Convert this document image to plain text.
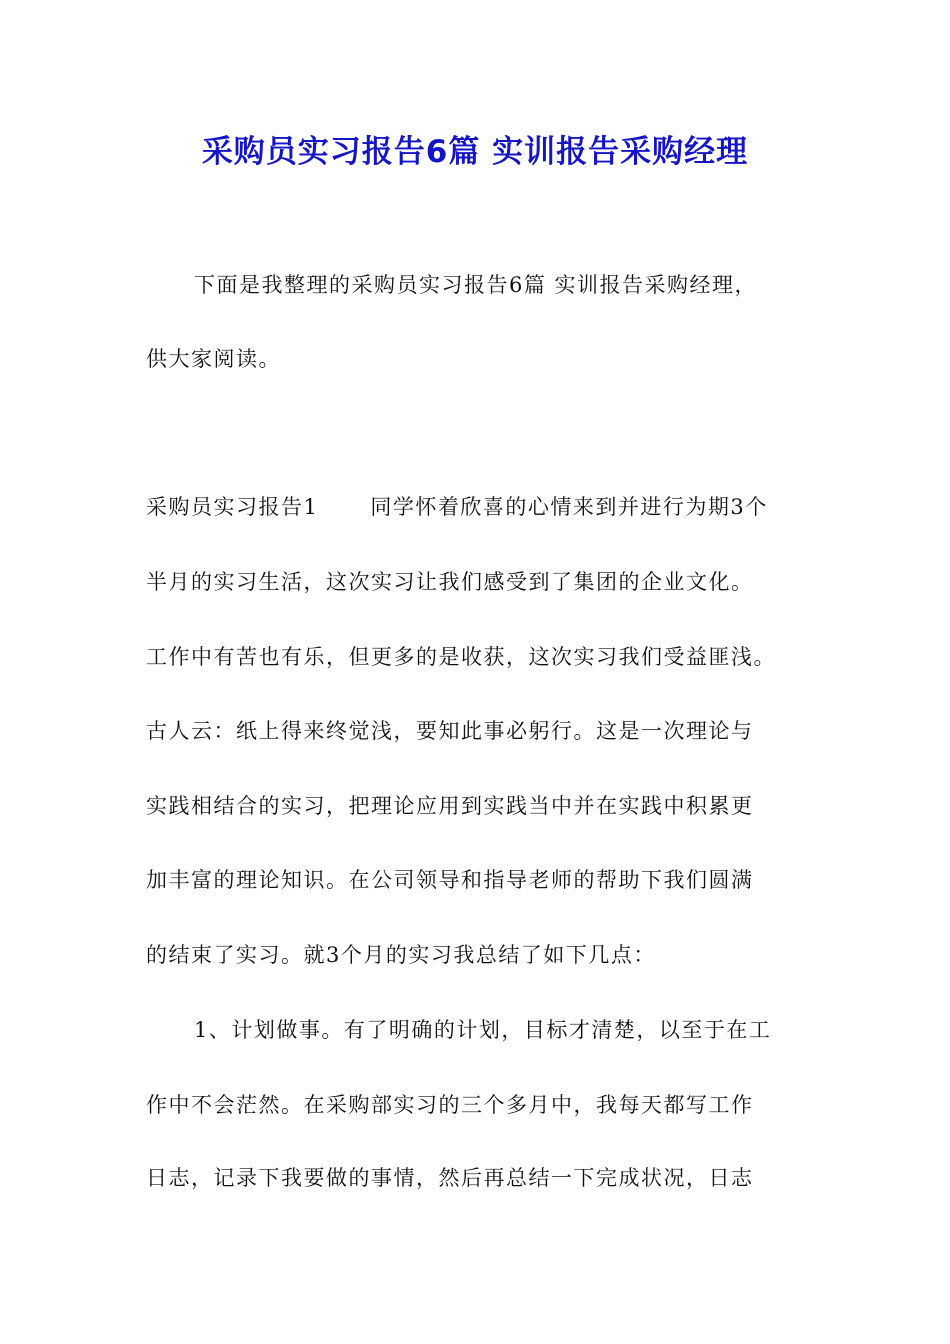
采购员实习报告6篇 实训报告采购经理
下面是我整理的采购员实习报告6篇 实训报告采购经理，
供大家阅读。
采购员实习报告1 同学怀着欣喜的心情来到并进行为期3个
半月的实习生活，这次实习让我们感受到了集团的企业文化。
工作中有苦也有乐，但更多的是收获，这次实习我们受益匪浅。
古人云：纸上得来终觉浅，要知此事必躬行。这是一次理论与
实践相结合的实习，把理论应用到实践当中并在实践中积累更
加丰富的理论知识。在公司领导和指导老师的帮助下我们圆满
的结束了实习。就3个月的实习我总结了如下几点：
1、计划做事。有了明确的计划，目标才清楚，以至于在工
作中不会茫然。在采购部实习的三个多月中，我每天都写工作
日志，记录下我要做的事情，然后再总结一下完成状况，日志
